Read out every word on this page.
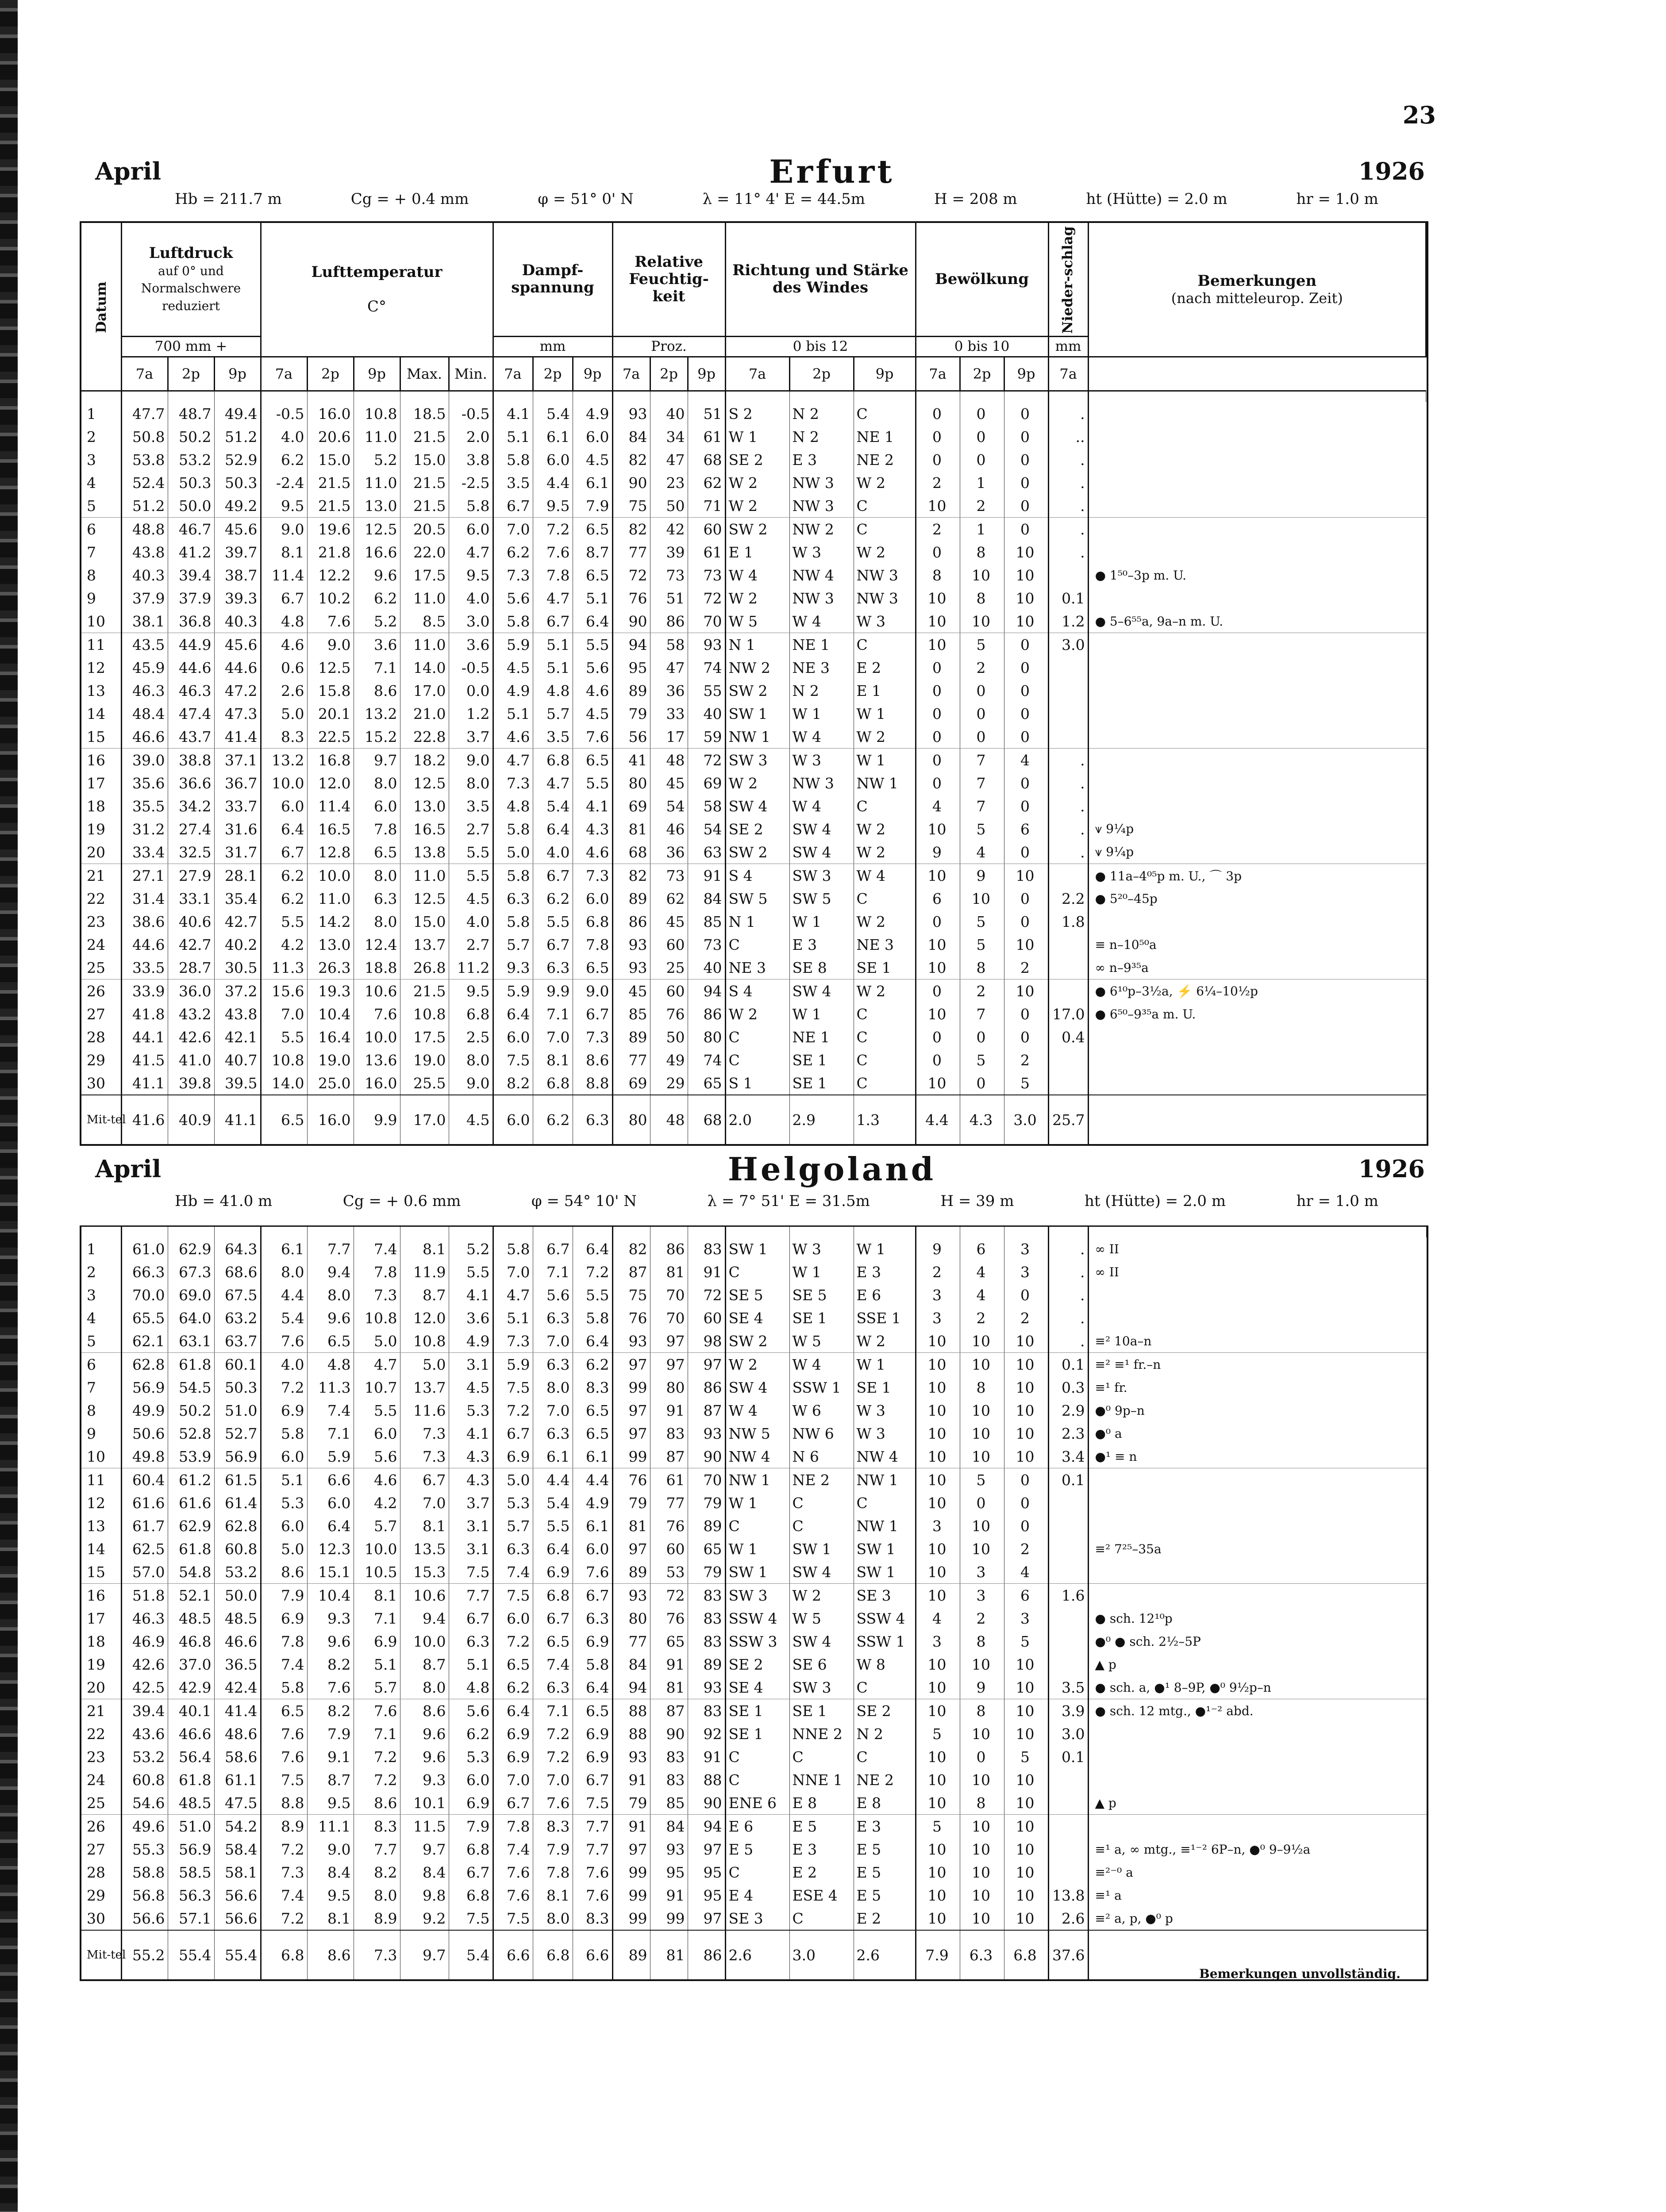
23
April	Erfurt	1926
Hb = 211.7 m	Cg = + 0.4 mm	φ = 51° 0' N	λ = 11° 4' E = 44.5m	H = 208 m	ht (Hütte) = 2.0 m	hr = 1.0 m
Datum	Luftdruck
auf 0° und Normalschwere reduziert			Lufttemperatur

C°					Dampf-spannung			Relative Feuchtig-keit			Richtung und Stärke des Windes			Bewölkung			Nieder-schlag	Bemerkungen
(nach mitteleurop. Zeit)
	700 mm +								mm			Proz.			0 bis 12			0 bis 10			mm	
	7a	2p	9p	7a	2p	9p	Max.	Min.	7a	2p	9p	7a	2p	9p	7a	2p	9p	7a	2p	9p	7a	

1	47.7	48.7	49.4	-0.5	16.0	10.8	18.5	-0.5	4.1	5.4	4.9	93	40	51	S 2	N 2	C	0	0	0	.	
2	50.8	50.2	51.2	4.0	20.6	11.0	21.5	2.0	5.1	6.1	6.0	84	34	61	W 1	N 2	NE 1	0	0	0	..	
3	53.8	53.2	52.9	6.2	15.0	5.2	15.0	3.8	5.8	6.0	4.5	82	47	68	SE 2	E 3	NE 2	0	0	0	.	
4	52.4	50.3	50.3	-2.4	21.5	11.0	21.5	-2.5	3.5	4.4	6.1	90	23	62	W 2	NW 3	W 2	2	1	0	.	
5	51.2	50.0	49.2	9.5	21.5	13.0	21.5	5.8	6.7	9.5	7.9	75	50	71	W 2	NW 3	C	10	2	0	.	
6	48.8	46.7	45.6	9.0	19.6	12.5	20.5	6.0	7.0	7.2	6.5	82	42	60	SW 2	NW 2	C	2	1	0	.	
7	43.8	41.2	39.7	8.1	21.8	16.6	22.0	4.7	6.2	7.6	8.7	77	39	61	E 1	W 3	W 2	0	8	10	.	
8	40.3	39.4	38.7	11.4	12.2	9.6	17.5	9.5	7.3	7.8	6.5	72	73	73	W 4	NW 4	NW 3	8	10	10		● 1⁵⁰–3p m. U.
9	37.9	37.9	39.3	6.7	10.2	6.2	11.0	4.0	5.6	4.7	5.1	76	51	72	W 2	NW 3	NW 3	10	8	10	0.1	
10	38.1	36.8	40.3	4.8	7.6	5.2	8.5	3.0	5.8	6.7	6.4	90	86	70	W 5	W 4	W 3	10	10	10	1.2	● 5–6⁵⁵a, 9a–n m. U.
11	43.5	44.9	45.6	4.6	9.0	3.6	11.0	3.6	5.9	5.1	5.5	94	58	93	N 1	NE 1	C	10	5	0	3.0	
12	45.9	44.6	44.6	0.6	12.5	7.1	14.0	-0.5	4.5	5.1	5.6	95	47	74	NW 2	NE 3	E 2	0	2	0		
13	46.3	46.3	47.2	2.6	15.8	8.6	17.0	0.0	4.9	4.8	4.6	89	36	55	SW 2	N 2	E 1	0	0	0		
14	48.4	47.4	47.3	5.0	20.1	13.2	21.0	1.2	5.1	5.7	4.5	79	33	40	SW 1	W 1	W 1	0	0	0		
15	46.6	43.7	41.4	8.3	22.5	15.2	22.8	3.7	4.6	3.5	7.6	56	17	59	NW 1	W 4	W 2	0	0	0		
16	39.0	38.8	37.1	13.2	16.8	9.7	18.2	9.0	4.7	6.8	6.5	41	48	72	SW 3	W 3	W 1	0	7	4	.	
17	35.6	36.6	36.7	10.0	12.0	8.0	12.5	8.0	7.3	4.7	5.5	80	45	69	W 2	NW 3	NW 1	0	7	0	.	
18	35.5	34.2	33.7	6.0	11.4	6.0	13.0	3.5	4.8	5.4	4.1	69	54	58	SW 4	W 4	C	4	7	0	.	
19	31.2	27.4	31.6	6.4	16.5	7.8	16.5	2.7	5.8	6.4	4.3	81	46	54	SE 2	SW 4	W 2	10	5	6	.	⩛ 9¼p
20	33.4	32.5	31.7	6.7	12.8	6.5	13.8	5.5	5.0	4.0	4.6	68	36	63	SW 2	SW 4	W 2	9	4	0	.	⩛ 9¼p
21	27.1	27.9	28.1	6.2	10.0	8.0	11.0	5.5	5.8	6.7	7.3	82	73	91	S 4	SW 3	W 4	10	9	10		● 11a–4⁰⁵p m. U., ⌒ 3p
22	31.4	33.1	35.4	6.2	11.0	6.3	12.5	4.5	6.3	6.2	6.0	89	62	84	SW 5	SW 5	C	6	10	0	2.2	● 5²⁰–45p
23	38.6	40.6	42.7	5.5	14.2	8.0	15.0	4.0	5.8	5.5	6.8	86	45	85	N 1	W 1	W 2	0	5	0	1.8	
24	44.6	42.7	40.2	4.2	13.0	12.4	13.7	2.7	5.7	6.7	7.8	93	60	73	C	E 3	NE 3	10	5	10		≡ n–10⁵⁰a
25	33.5	28.7	30.5	11.3	26.3	18.8	26.8	11.2	9.3	6.3	6.5	93	25	40	NE 3	SE 8	SE 1	10	8	2		∞ n–9³⁵a
26	33.9	36.0	37.2	15.6	19.3	10.6	21.5	9.5	5.9	9.9	9.0	45	60	94	S 4	SW 4	W 2	0	2	10		● 6¹⁰p–3½a, ⚡ 6¼–10½p
27	41.8	43.2	43.8	7.0	10.4	7.6	10.8	6.8	6.4	7.1	6.7	85	76	86	W 2	W 1	C	10	7	0	17.0	● 6⁵⁰–9³⁵a m. U.
28	44.1	42.6	42.1	5.5	16.4	10.0	17.5	2.5	6.0	7.0	7.3	89	50	80	C	NE 1	C	0	0	0	0.4	
29	41.5	41.0	40.7	10.8	19.0	13.6	19.0	8.0	7.5	8.1	8.6	77	49	74	C	SE 1	C	0	5	2		
30	41.1	39.8	39.5	14.0	25.0	16.0	25.5	9.0	8.2	6.8	8.8	69	29	65	S 1	SE 1	C	10	0	5		
Mit-tel	41.6	40.9	41.1	6.5	16.0	9.9	17.0	4.5	6.0	6.2	6.3	80	48	68	2.0	2.9	1.3	4.4	4.3	3.0	25.7	
April	Helgoland	1926
Hb = 41.0 m	Cg = + 0.6 mm	φ = 54° 10' N	λ = 7° 51' E = 31.5m	H = 39 m	ht (Hütte) = 2.0 m	hr = 1.0 m

1	61.0	62.9	64.3	6.1	7.7	7.4	8.1	5.2	5.8	6.7	6.4	82	86	83	SW 1	W 3	W 1	9	6	3	.	∞ II
2	66.3	67.3	68.6	8.0	9.4	7.8	11.9	5.5	7.0	7.1	7.2	87	81	91	C	W 1	E 3	2	4	3	.	∞ II
3	70.0	69.0	67.5	4.4	8.0	7.3	8.7	4.1	4.7	5.6	5.5	75	70	72	SE 5	SE 5	E 6	3	4	0	.	
4	65.5	64.0	63.2	5.4	9.6	10.8	12.0	3.6	5.1	6.3	5.8	76	70	60	SE 4	SE 1	SSE 1	3	2	2	.	
5	62.1	63.1	63.7	7.6	6.5	5.0	10.8	4.9	7.3	7.0	6.4	93	97	98	SW 2	W 5	W 2	10	10	10	.	≡² 10a–n
6	62.8	61.8	60.1	4.0	4.8	4.7	5.0	3.1	5.9	6.3	6.2	97	97	97	W 2	W 4	W 1	10	10	10	0.1	≡² ≡¹ fr.–n
7	56.9	54.5	50.3	7.2	11.3	10.7	13.7	4.5	7.5	8.0	8.3	99	80	86	SW 4	SSW 1	SE 1	10	8	10	0.3	≡¹ fr.
8	49.9	50.2	51.0	6.9	7.4	5.5	11.6	5.3	7.2	7.0	6.5	97	91	87	W 4	W 6	W 3	10	10	10	2.9	●⁰ 9p–n
9	50.6	52.8	52.7	5.8	7.1	6.0	7.3	4.1	6.7	6.3	6.5	97	83	93	NW 5	NW 6	W 3	10	10	10	2.3	●⁰ a
10	49.8	53.9	56.9	6.0	5.9	5.6	7.3	4.3	6.9	6.1	6.1	99	87	90	NW 4	N 6	NW 4	10	10	10	3.4	●¹ ≡ n
11	60.4	61.2	61.5	5.1	6.6	4.6	6.7	4.3	5.0	4.4	4.4	76	61	70	NW 1	NE 2	NW 1	10	5	0	0.1	
12	61.6	61.6	61.4	5.3	6.0	4.2	7.0	3.7	5.3	5.4	4.9	79	77	79	W 1	C	C	10	0	0		
13	61.7	62.9	62.8	6.0	6.4	5.7	8.1	3.1	5.7	5.5	6.1	81	76	89	C	C	NW 1	3	10	0		
14	62.5	61.8	60.8	5.0	12.3	10.0	13.5	3.1	6.3	6.4	6.0	97	60	65	W 1	SW 1	SW 1	10	10	2		≡² 7²⁵–35a
15	57.0	54.8	53.2	8.6	15.1	10.5	15.3	7.5	7.4	6.9	7.6	89	53	79	SW 1	SW 4	SW 1	10	3	4		
16	51.8	52.1	50.0	7.9	10.4	8.1	10.6	7.7	7.5	6.8	6.7	93	72	83	SW 3	W 2	SE 3	10	3	6	1.6	
17	46.3	48.5	48.5	6.9	9.3	7.1	9.4	6.7	6.0	6.7	6.3	80	76	83	SSW 4	W 5	SSW 4	4	2	3		● sch. 12¹⁰p
18	46.9	46.8	46.6	7.8	9.6	6.9	10.0	6.3	7.2	6.5	6.9	77	65	83	SSW 3	SW 4	SSW 1	3	8	5		●⁰ ● sch. 2½–5P
19	42.6	37.0	36.5	7.4	8.2	5.1	8.7	5.1	6.5	7.4	5.8	84	91	89	SE 2	SE 6	W 8	10	10	10		▲ p
20	42.5	42.9	42.4	5.8	7.6	5.7	8.0	4.8	6.2	6.3	6.4	94	81	93	SE 4	SW 3	C	10	9	10	3.5	● sch. a, ●¹ 8–9P, ●⁰ 9½p–n
21	39.4	40.1	41.4	6.5	8.2	7.6	8.6	5.6	6.4	7.1	6.5	88	87	83	SE 1	SE 1	SE 2	10	8	10	3.9	● sch. 12 mtg., ●¹⁻² abd.
22	43.6	46.6	48.6	7.6	7.9	7.1	9.6	6.2	6.9	7.2	6.9	88	90	92	SE 1	NNE 2	N 2	5	10	10	3.0	
23	53.2	56.4	58.6	7.6	9.1	7.2	9.6	5.3	6.9	7.2	6.9	93	83	91	C	C	C	10	0	5	0.1	
24	60.8	61.8	61.1	7.5	8.7	7.2	9.3	6.0	7.0	7.0	6.7	91	83	88	C	NNE 1	NE 2	10	10	10		
25	54.6	48.5	47.5	8.8	9.5	8.6	10.1	6.9	6.7	7.6	7.5	79	85	90	ENE 6	E 8	E 8	10	8	10		▲ p
26	49.6	51.0	54.2	8.9	11.1	8.3	11.5	7.9	7.8	8.3	7.7	91	84	94	E 6	E 5	E 3	5	10	10		
27	55.3	56.9	58.4	7.2	9.0	7.7	9.7	6.8	7.4	7.9	7.7	97	93	97	E 5	E 3	E 5	10	10	10		≡¹ a, ∞ mtg., ≡¹⁻² 6P–n, ●⁰ 9–9½a
28	58.8	58.5	58.1	7.3	8.4	8.2	8.4	6.7	7.6	7.8	7.6	99	95	95	C	E 2	E 5	10	10	10		≡²⁻⁰ a
29	56.8	56.3	56.6	7.4	9.5	8.0	9.8	6.8	7.6	8.1	7.6	99	91	95	E 4	ESE 4	E 5	10	10	10	13.8	≡¹ a
30	56.6	57.1	56.6	7.2	8.1	8.9	9.2	7.5	7.5	8.0	8.3	99	99	97	SE 3	C	E 2	10	10	10	2.6	≡² a, p, ●⁰ p
Mit-tel	55.2	55.4	55.4	6.8	8.6	7.3	9.7	5.4	6.6	6.8	6.6	89	81	86	2.6	3.0	2.6	7.9	6.3	6.8	37.6	
Bemerkungen unvollständig.
